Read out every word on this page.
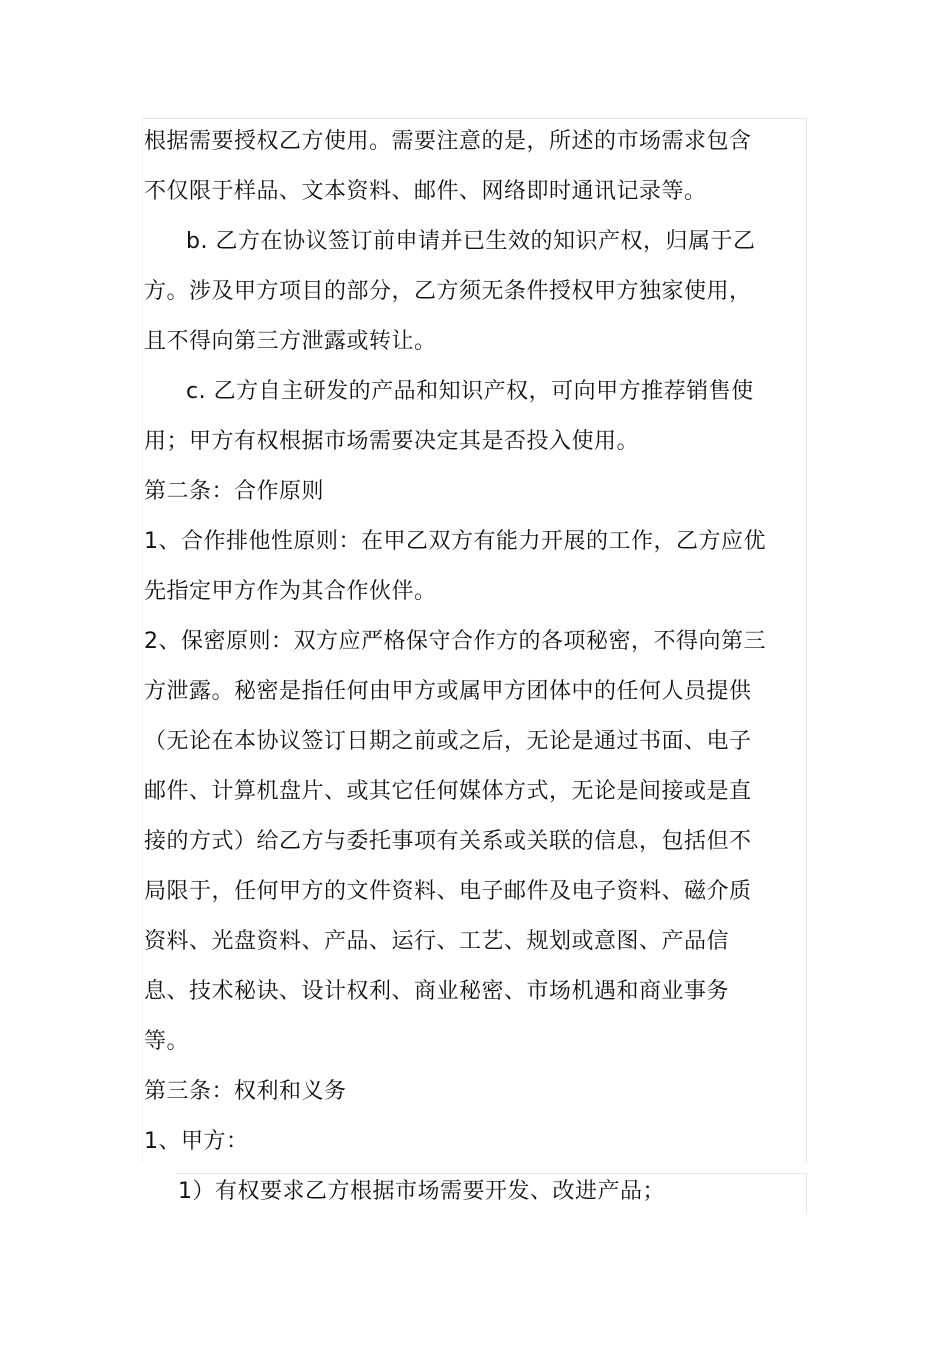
根据需要授权乙方使用。需要注意的是，所述的市场需求包含
不仅限于样品、文本资料、邮件、网络即时通讯记录等。
b. 乙方在协议签订前申请并已生效的知识产权，归属于乙
方。涉及甲方项目的部分，乙方须无条件授权甲方独家使用，
且不得向第三方泄露或转让。
c. 乙方自主研发的产品和知识产权，可向甲方推荐销售使
用；甲方有权根据市场需要决定其是否投入使用。
第二条：合作原则
1、合作排他性原则：在甲乙双方有能力开展的工作，乙方应优
先指定甲方作为其合作伙伴。
2、保密原则：双方应严格保守合作方的各项秘密，不得向第三
方泄露。秘密是指任何由甲方或属甲方团体中的任何人员提供
（无论在本协议签订日期之前或之后，无论是通过书面、电子
邮件、计算机盘片、或其它任何媒体方式，无论是间接或是直
接的方式）给乙方与委托事项有关系或关联的信息，包括但不
局限于，任何甲方的文件资料、电子邮件及电子资料、磁介质
资料、光盘资料、产品、运行、工艺、规划或意图、产品信
息、技术秘诀、设计权利、商业秘密、市场机遇和商业事务
等。
第三条：权利和义务
1、甲方：
1）有权要求乙方根据市场需要开发、改进产品；
